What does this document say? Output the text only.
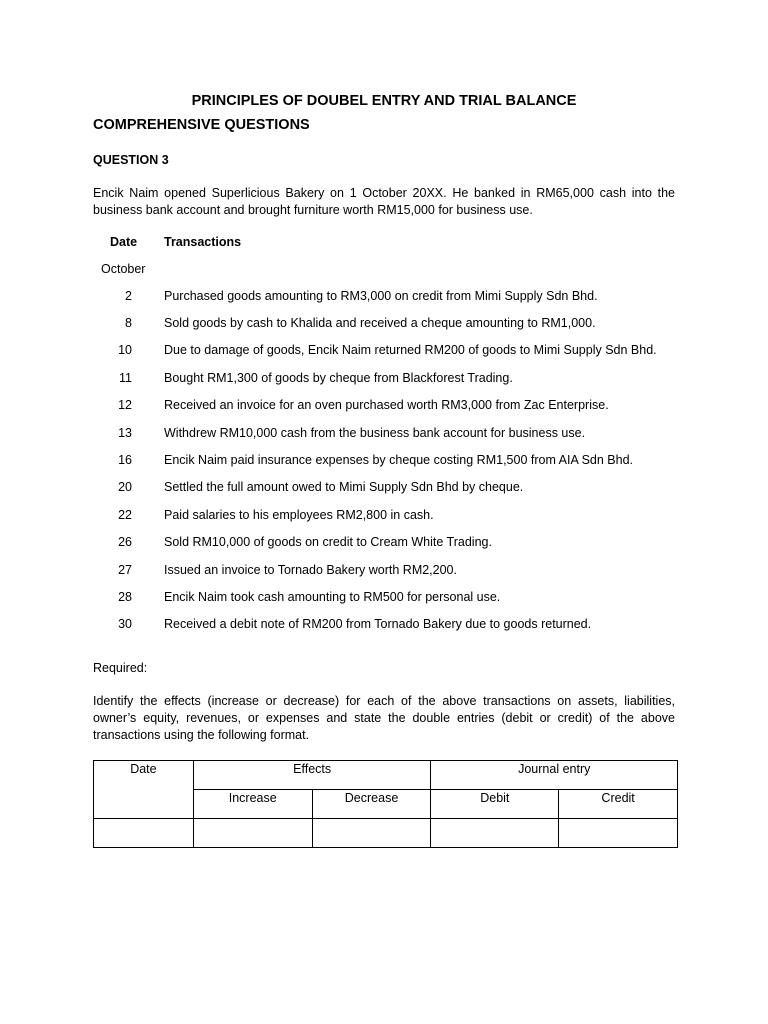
PRINCIPLES OF DOUBEL ENTRY AND TRIAL BALANCE
COMPREHENSIVE QUESTIONS
QUESTION 3
Encik Naim opened Superlicious Bakery on 1 October 20XX. He banked in RM65,000 cash into the business bank account and brought furniture worth RM15,000 for business use.
Date Transactions
October
2	Purchased goods amounting to RM3,000 on credit from Mimi Supply Sdn Bhd.
8	Sold goods by cash to Khalida and received a cheque amounting to RM1,000.
10	Due to damage of goods, Encik Naim returned RM200 of goods to Mimi Supply Sdn Bhd.
11	Bought RM1,300 of goods by cheque from Blackforest Trading.
12	Received an invoice for an oven purchased worth RM3,000 from Zac Enterprise.
13	Withdrew RM10,000 cash from the business bank account for business use.
16	Encik Naim paid insurance expenses by cheque costing RM1,500 from AIA Sdn Bhd.
20	Settled the full amount owed to Mimi Supply Sdn Bhd by cheque.
22	Paid salaries to his employees RM2,800 in cash.
26	Sold RM10,000 of goods on credit to Cream White Trading.
27	Issued an invoice to Tornado Bakery worth RM2,200.
28	Encik Naim took cash amounting to RM500 for personal use.
30	Received a debit note of RM200 from Tornado Bakery due to goods returned.
Required:
Identify the effects (increase or decrease) for each of the above transactions on assets, liabilities, owner’s equity, revenues, or expenses and state the double entries (debit or credit) of the above transactions using the following format.
Date	Effects		Journal entry	
	Increase	Decrease	Debit	Credit
